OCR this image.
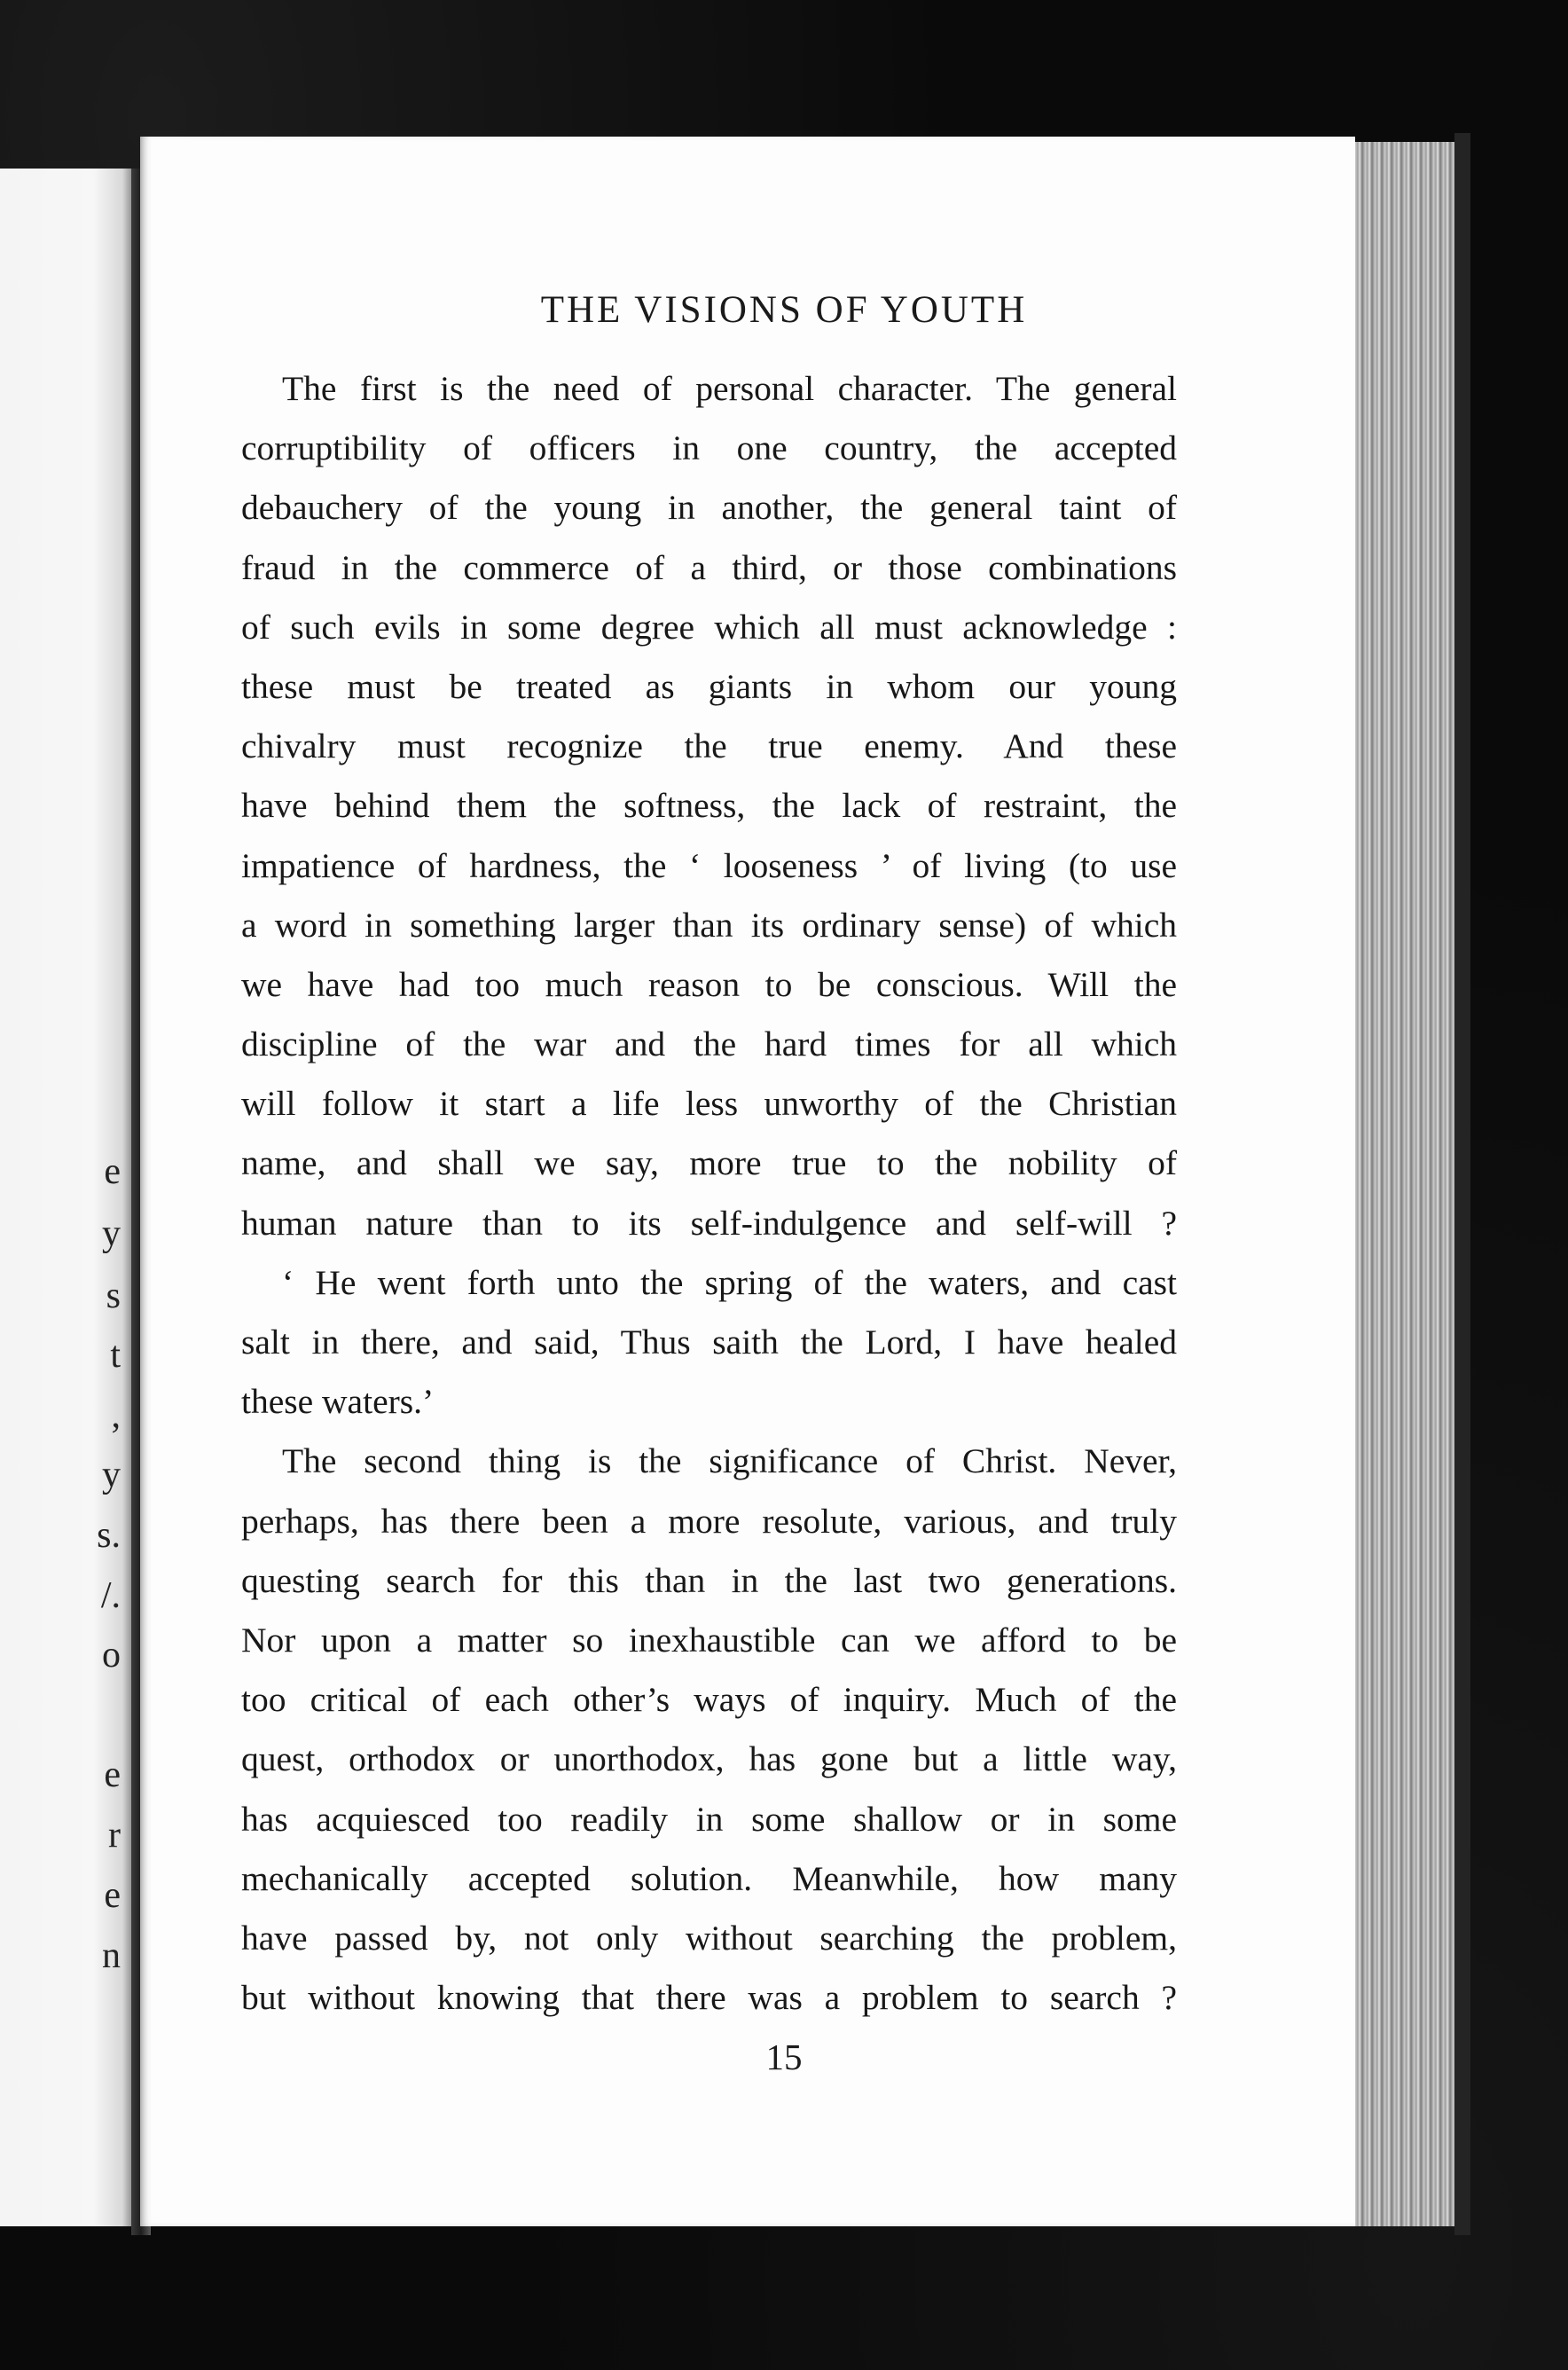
e
y
s
t
,
y
s.
/.
o
e
r
e
n
THE VISIONS OF YOUTH
The first is the need of personal character. The general
corruptibility of officers in one country, the accepted
debauchery of the young in another, the general taint of
fraud in the commerce of a third, or those combinations
of such evils in some degree which all must acknowledge :
these must be treated as giants in whom our young
chivalry must recognize the true enemy. And these
have behind them the softness, the lack of restraint, the
impatience of hardness, the ‘ looseness ’ of living (to use
a word in something larger than its ordinary sense) of which
we have had too much reason to be conscious. Will the
discipline of the war and the hard times for all which
will follow it start a life less unworthy of the Christian
name, and shall we say, more true to the nobility of
human nature than to its self-indulgence and self-will ?
‘ He went forth unto the spring of the waters, and cast
salt in there, and said, Thus saith the Lord, I have healed
these waters.’
The second thing is the significance of Christ. Never,
perhaps, has there been a more resolute, various, and truly
questing search for this than in the last two generations.
Nor upon a matter so inexhaustible can we afford to be
too critical of each other’s ways of inquiry. Much of the
quest, orthodox or unorthodox, has gone but a little way,
has acquiesced too readily in some shallow or in some
mechanically accepted solution. Meanwhile, how many
have passed by, not only without searching the problem,
but without knowing that there was a problem to search ?
15
